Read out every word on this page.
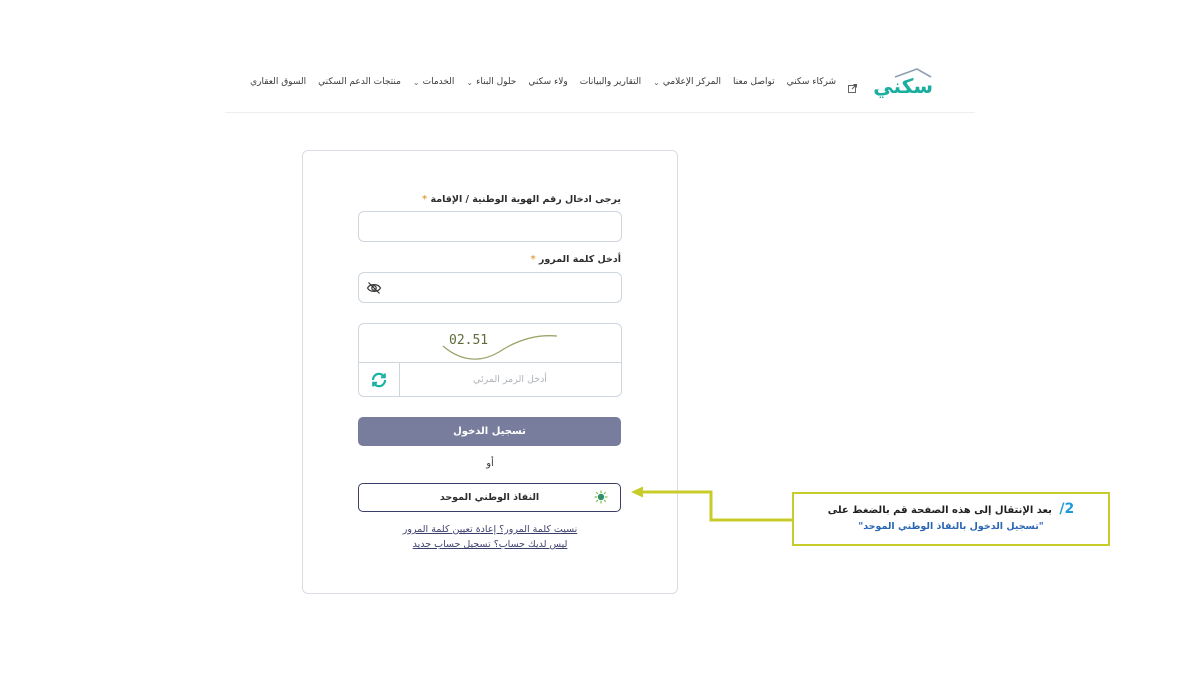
سكني
السوق العقاري منتجات الدعم السكني الخدمات
⌄	حلول البناء
⌄	ولاء سكني التقارير والبيانات المركز الإعلامي
⌄	تواصل معنا شركاء سكني
يرجى ادخال رقم الهوية الوطنية / الإقامة *
أدخل كلمة المرور *
02.51
أدخل الرمز المرئي
تسجيل الدخول
أو
النفاذ الوطني الموحد
نسيت كلمة المرور؟ إعادة تعيين كلمة المرور
ليس لديك حساب؟ تسجيل حساب جديد
2/ بعد الإنتقال إلى هذه الصفحة قم بالضغط على
"تسجيل الدخول بالنفاذ الوطني الموحد"
